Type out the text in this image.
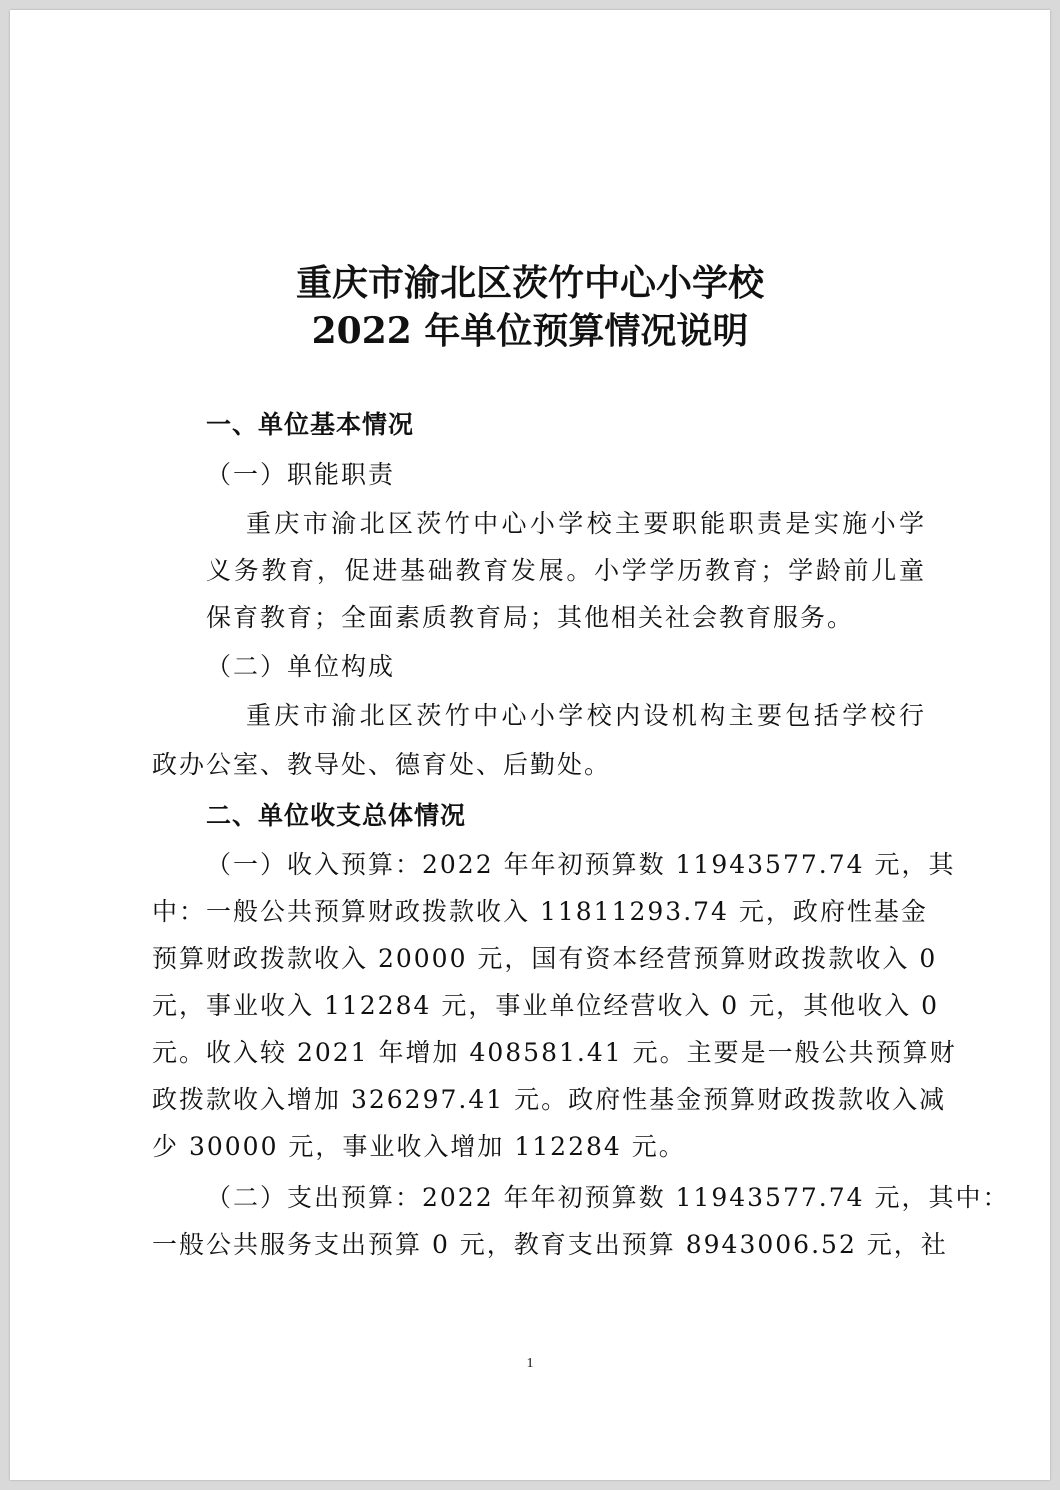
重庆市渝北区茨竹中心小学校
2022 年单位预算情况说明
一、单位基本情况
（一）职能职责
重庆市渝北区茨竹中心小学校主要职能职责是实施小学
义务教育，促进基础教育发展。小学学历教育；学龄前儿童
保育教育；全面素质教育局；其他相关社会教育服务。
（二）单位构成
重庆市渝北区茨竹中心小学校内设机构主要包括学校行
政办公室、教导处、德育处、后勤处。
二、单位收支总体情况
（一）收入预算：2022 年年初预算数 11943577.74 元，其
中：一般公共预算财政拨款收入 11811293.74 元，政府性基金
预算财政拨款收入 20000 元，国有资本经营预算财政拨款收入 0
元，事业收入 112284 元，事业单位经营收入 0 元，其他收入 0
元。收入较 2021 年增加 408581.41 元。主要是一般公共预算财
政拨款收入增加 326297.41 元。政府性基金预算财政拨款收入减
少 30000 元，事业收入增加 112284 元。
（二）支出预算：2022 年年初预算数 11943577.74 元，其中：
一般公共服务支出预算 0 元，教育支出预算 8943006.52 元，社
1
